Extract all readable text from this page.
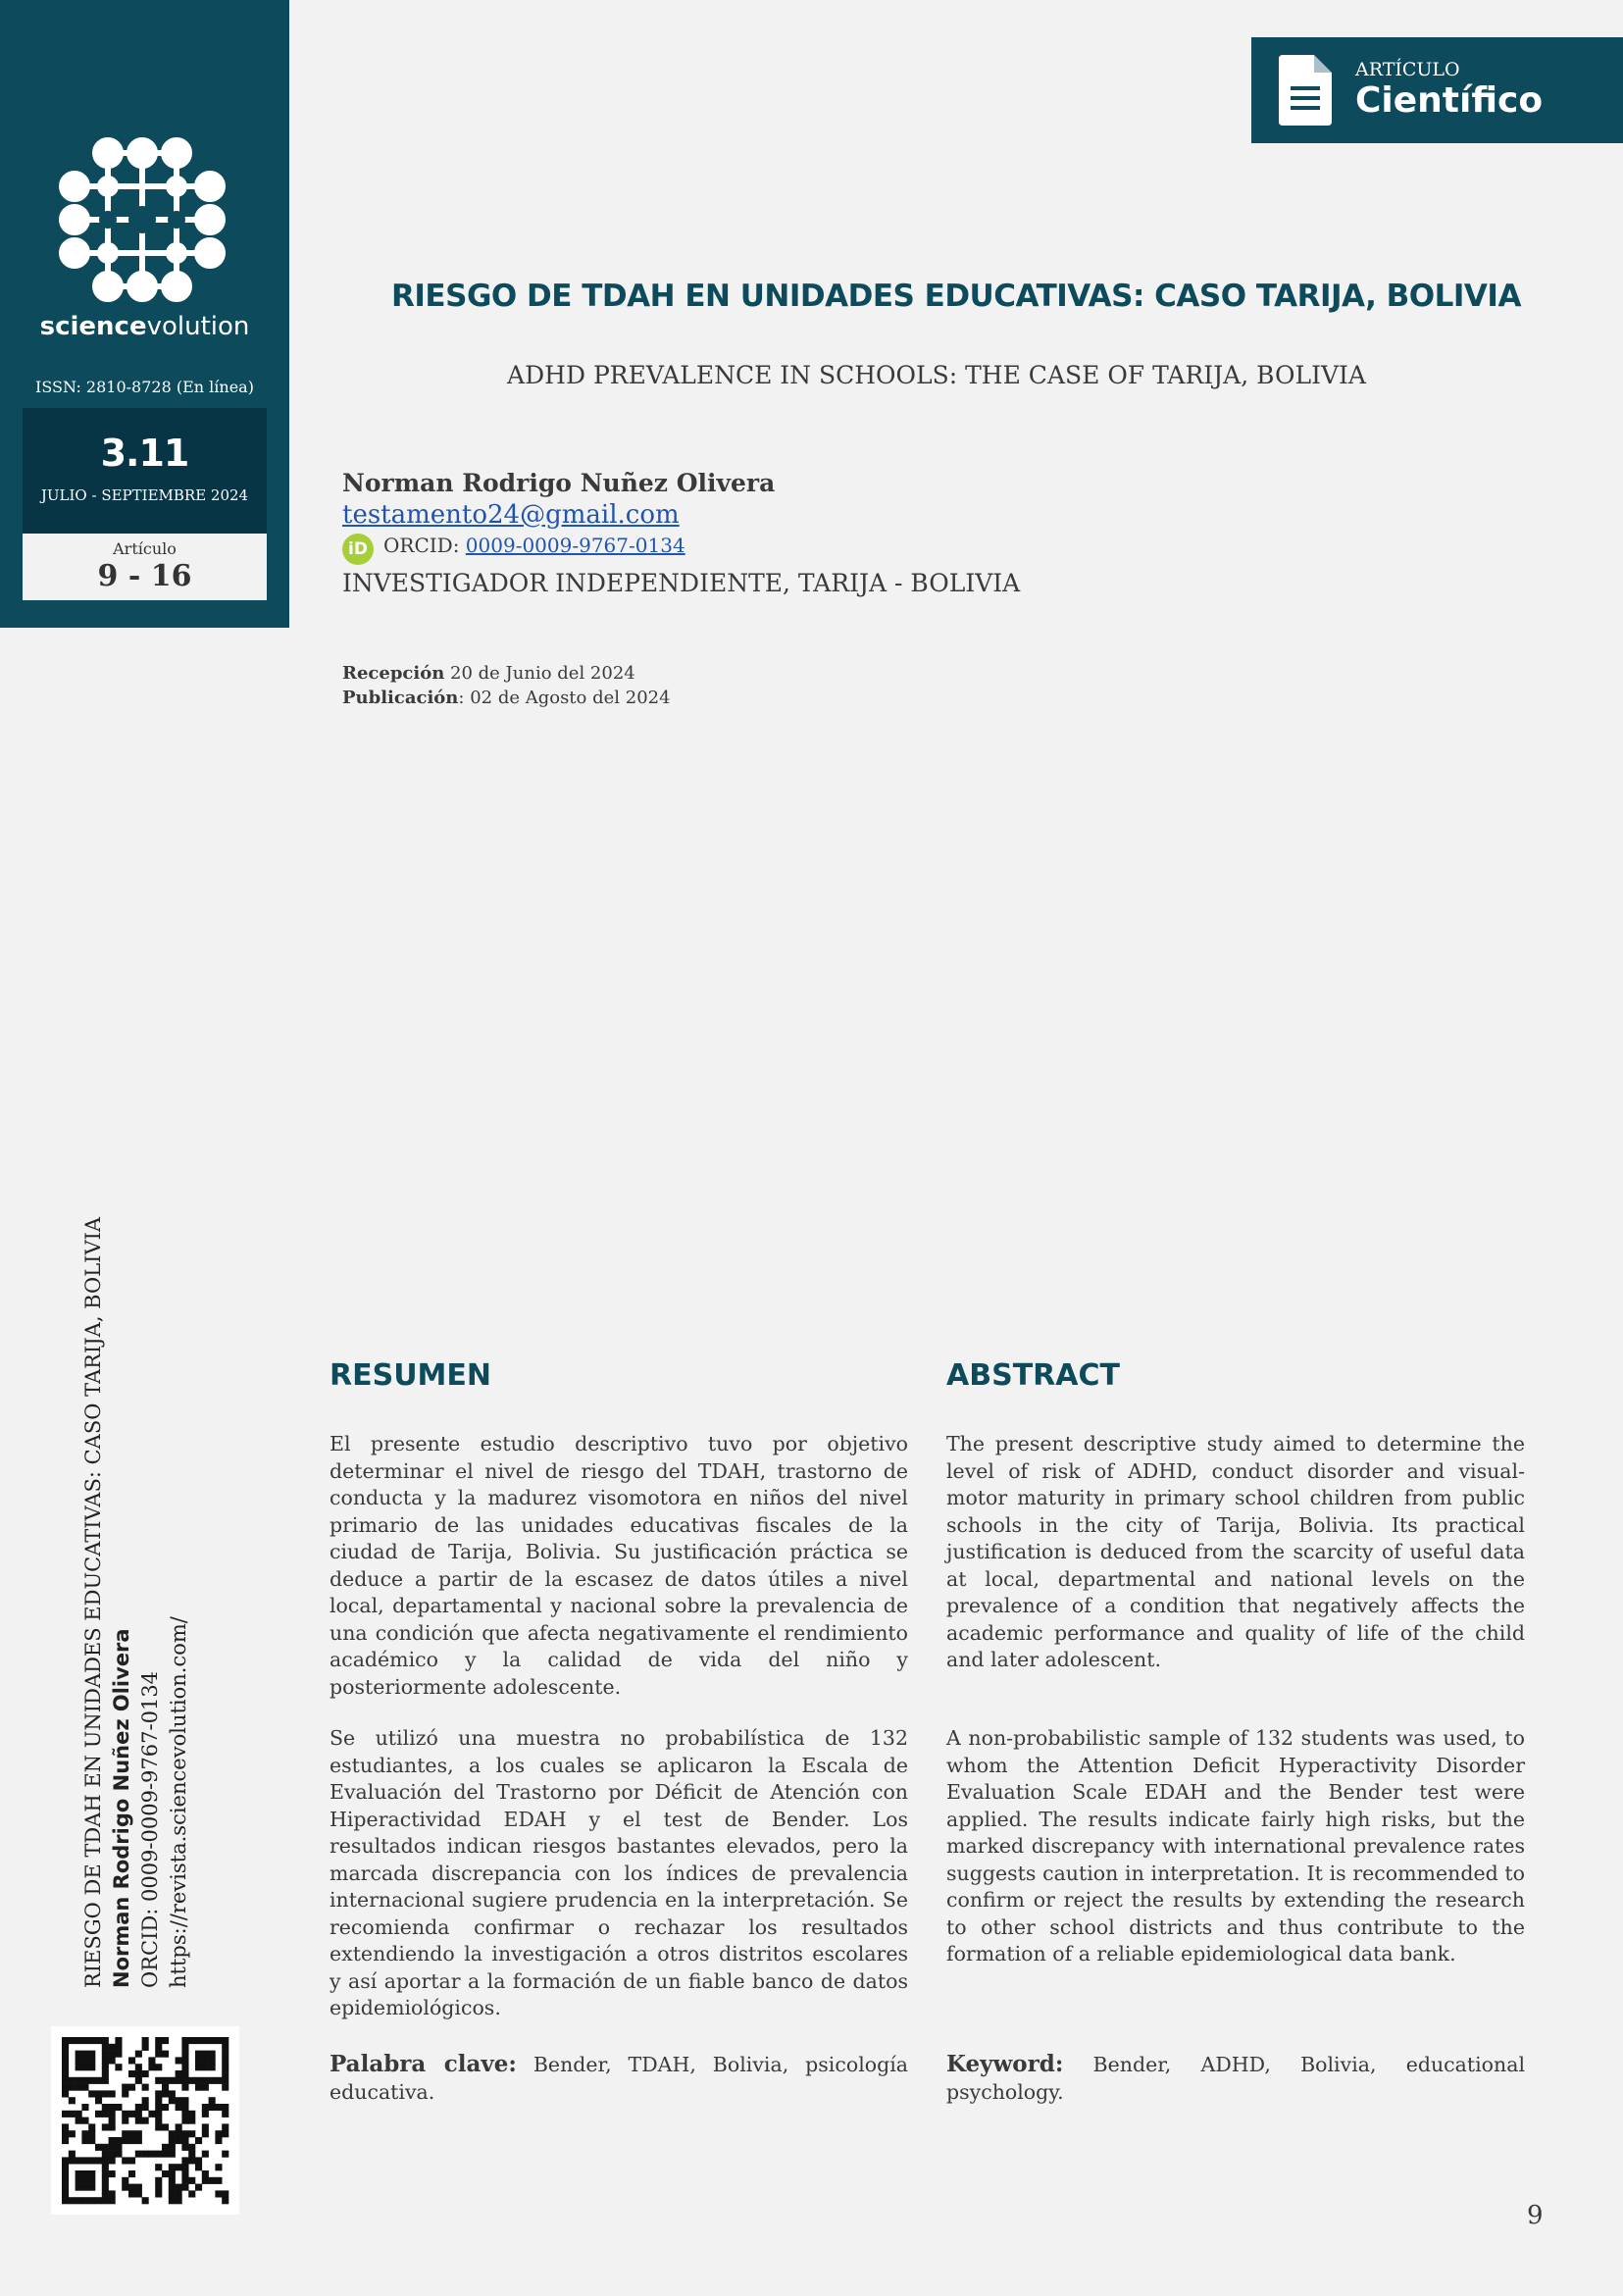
sciencevolution
ISSN: 2810-8728 (En línea)
3.11
JULIO - SEPTIEMBRE 2024
Artículo
9 - 16
ARTÍCULO
Científico
RIESGO DE TDAH EN UNIDADES EDUCATIVAS: CASO TARIJA, BOLIVIA
ADHD PREVALENCE IN SCHOOLS: THE CASE OF TARIJA, BOLIVIA
Norman Rodrigo Nuñez Olivera
testamento24@gmail.com
iD ORCID: 0009-0009-9767-0134
INVESTIGADOR INDEPENDIENTE, TARIJA - BOLIVIA
Recepción 20 de Junio del 2024
Publicación: 02 de Agosto del 2024
RIESGO DE TDAH EN UNIDADES EDUCATIVAS: CASO TARIJA, BOLIVIA Norman Rodrigo Nuñez Olivera ORCID: 0009-0009-9767-0134 https://revista.sciencevolution.com/
RESUMEN

El presente estudio descriptivo tuvo por objetivo determinar el nivel de riesgo del TDAH, trastorno de conducta y la madurez visomotora en niños del nivel primario de las unidades educativas fiscales de la ciudad de Tarija, Bolivia. Su justificación práctica se deduce a partir de la escasez de datos útiles a nivel local, departamental y nacional sobre la prevalencia de una condición que afecta negativamente el rendimiento académico y la calidad de vida del niño y posteriormente adolescente.

Se utilizó una muestra no probabilística de 132 estudiantes, a los cuales se aplicaron la Escala de Evaluación del Trastorno por Déficit de Atención con Hiperactividad EDAH y el test de Bender. Los resultados indican riesgos bastantes elevados, pero la marcada discrepancia con los índices de prevalencia internacional sugiere prudencia en la interpretación. Se recomienda confirmar o rechazar los resultados extendiendo la investigación a otros distritos escolares y así aportar a la formación de un fiable banco de datos epidemiológicos.

Palabra clave: Bender, TDAH, Bolivia, psicología educativa.

ABSTRACT

The present descriptive study aimed to determine the level of risk of ADHD, conduct disorder and visual-motor maturity in primary school children from public schools in the city of Tarija, Bolivia. Its practical justification is deduced from the scarcity of useful data at local, departmental and national levels on the prevalence of a condition that negatively affects the academic performance and quality of life of the child and later adolescent.

A non-probabilistic sample of 132 students was used, to whom the Attention Deficit Hyperactivity Disorder Evaluation Scale EDAH and the Bender test were applied. The results indicate fairly high risks, but the marked discrepancy with international prevalence rates suggests caution in interpretation. It is recommended to confirm or reject the results by extending the research to other school districts and thus contribute to the formation of a reliable epidemiological data bank.

Keyword: Bender, ADHD, Bolivia, educational psychology.

9
